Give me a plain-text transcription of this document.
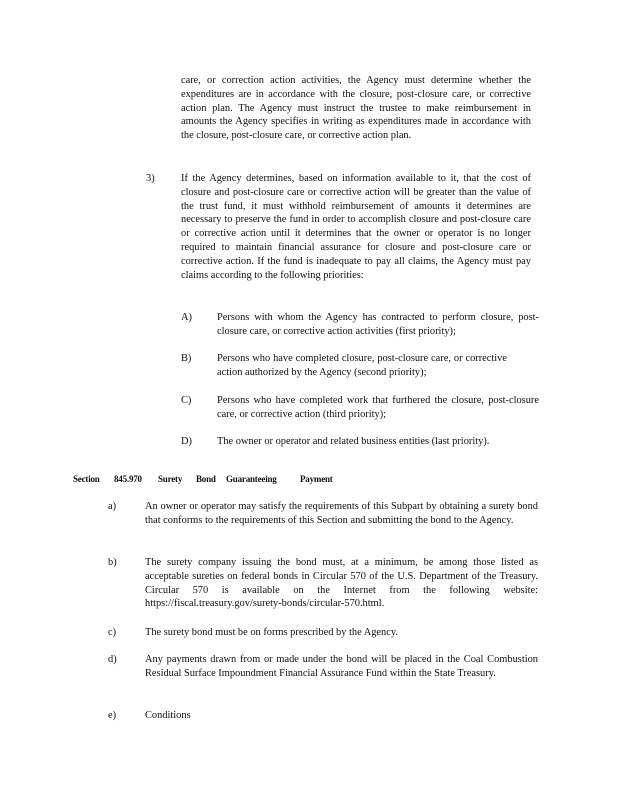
care, or correction action activities, the Agency must determine whether the expenditures are in accordance with the closure, post-closure care, or corrective action plan. The Agency must instruct the trustee to make reimbursement in amounts the Agency specifies in writing as expenditures made in accordance with the closure, post-closure care, or corrective action plan.

3)	If the Agency determines, based on information available to it, that the cost of closure and post-closure care or corrective action will be greater than the value of the trust fund, it must withhold reimbursement of amounts it determines are necessary to preserve the fund in order to accomplish closure and post-closure care or corrective action until it determines that the owner or operator is no longer required to maintain financial assurance for closure and post-closure care or corrective action. If the fund is inadequate to pay all claims, the Agency must pay claims according to the following priorities:

A) Persons with whom the Agency has contracted to perform closure, post-closure care, or corrective action activities (first priority);

B) Persons who have completed closure, post-closure care, or corrective action authorized by the Agency (second priority);

C) Persons who have completed work that furthered the closure, post-closure care, or corrective action (third priority);

D) The owner or operator and related business entities (last priority).

Section 845.970 Surety Bond Guaranteeing	Payment
a)	An owner or operator may satisfy the requirements of this Subpart by obtaining a surety bond that conforms to the requirements of this Section and submitting the bond to the Agency.

b)	The surety company issuing the bond must, at a minimum, be among those listed as acceptable sureties on federal bonds in Circular 570 of the U.S. Department of the Treasury. Circular 570 is available on the Internet from the following website: https://fiscal.treasury.gov/surety-bonds/circular-570.html.

c)	The surety bond must be on forms prescribed by the Agency.

d)	Any payments drawn from or made under the bond will be placed in the Coal Combustion Residual Surface Impoundment Financial Assurance Fund within the State Treasury.

e)	Conditions
